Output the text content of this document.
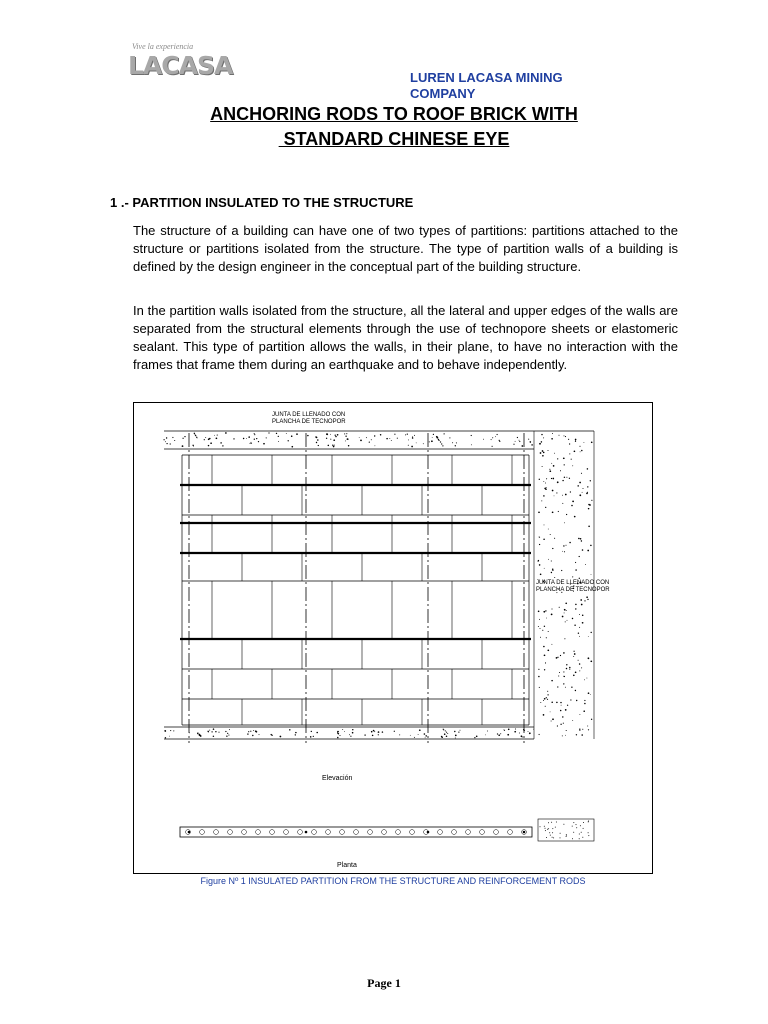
Vive la experiencia
LACASA	LUREN LACASA MINING COMPANY
ANCHORING RODS TO ROOF BRICK WITH
STANDARD CHINESE EYE
1 .- PARTITION INSULATED TO THE STRUCTURE

The structure of a building can have one of two types of partitions: partitions attached to the structure or partitions isolated from the structure. The type of partition walls of a building is defined by the design engineer in the conceptual part of the building structure.

In the partition walls isolated from the structure, all the lateral and upper edges of the walls are separated from the structural elements through the use of technopore sheets or elastomeric sealant. This type of partition allows the walls, in their plane, to have no interaction with the frames that frame them during an earthquake and to behave independently.

JUNTA DE LLENADO CON
PLANCHA DE TECNOPOR
JUNTA DE LLENADO CON
PLANCHA DE TECNOPOR
Elevación
Planta
Figure Nº 1 INSULATED PARTITION FROM THE STRUCTURE AND REINFORCEMENT RODS
Page 1
